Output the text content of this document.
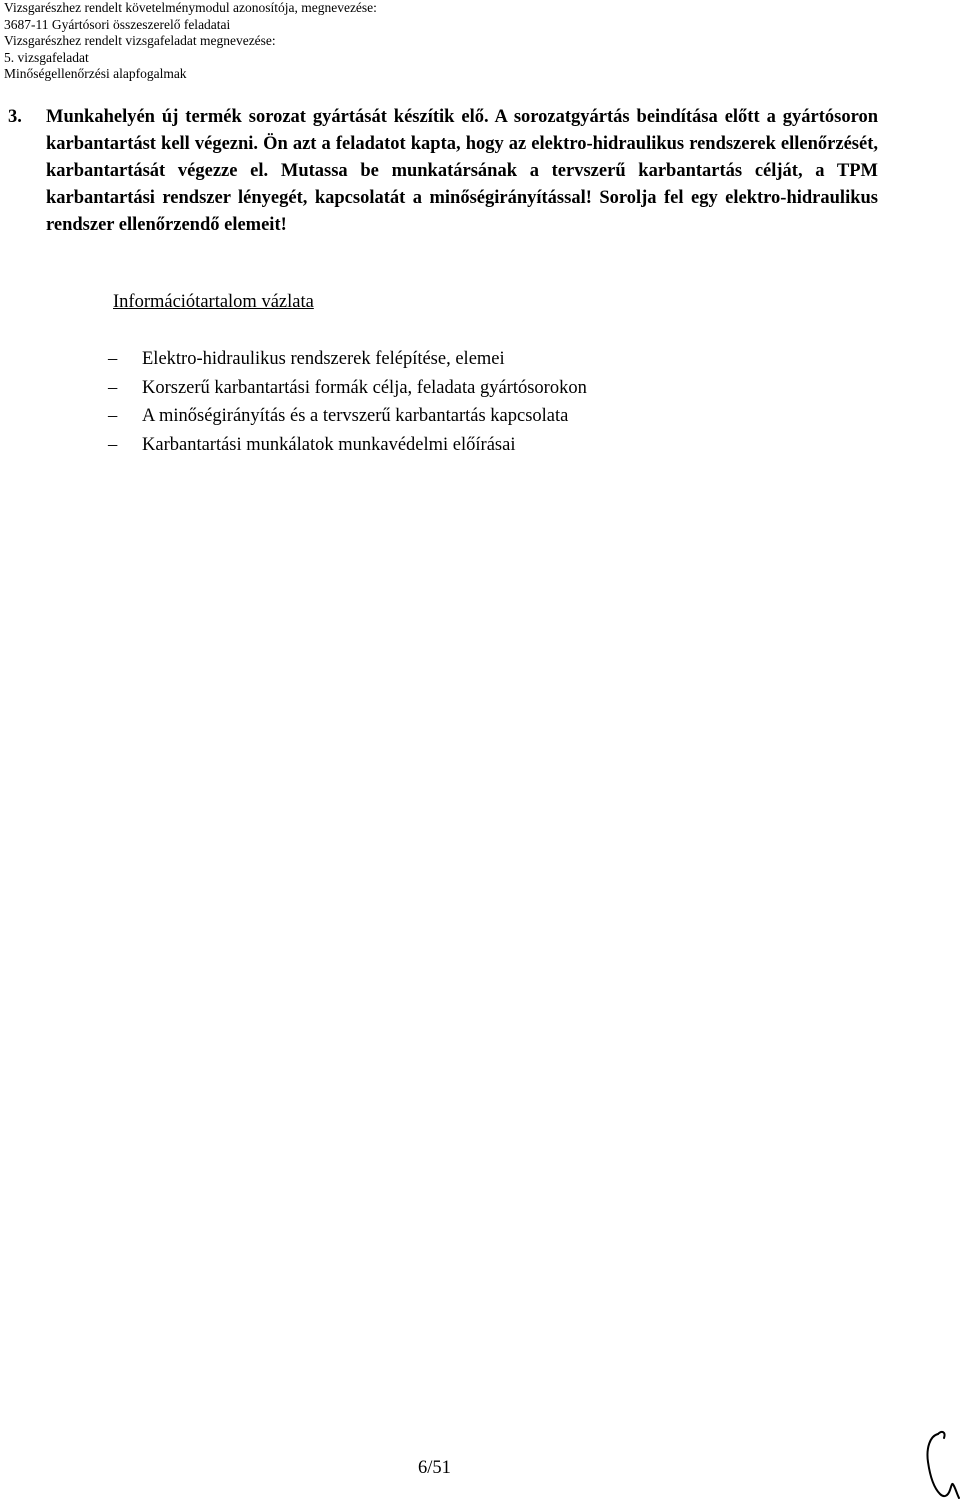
Vizsgarészhez rendelt követelménymodul azonosítója, megnevezése:
3687-11 Gyártósori összeszerelő feladatai
Vizsgarészhez rendelt vizsgafeladat megnevezése:
5. vizsgafeladat
Minőségellenőrzési alapfogalmak
3. Munkahelyén új termék sorozat gyártását készítik elő. A sorozatgyártás beindítása előtt a gyártósoron karbantartást kell végezni. Ön azt a feladatot kapta, hogy az elektro-hidraulikus rendszerek ellenőrzését, karbantartását végezze el. Mutassa be munkatársának a tervszerű karbantartás célját, a TPM karbantartási rendszer lényegét, kapcsolatát a minőségirányítással! Sorolja fel egy elektro-hidraulikus rendszer ellenőrzendő elemeit!
Információtartalom vázlata
– Elektro-hidraulikus rendszerek felépítése, elemei
– Korszerű karbantartási formák célja, feladata gyártósorokon
– A minőségirányítás és a tervszerű karbantartás kapcsolata
– Karbantartási munkálatok munkavédelmi előírásai
6/51
